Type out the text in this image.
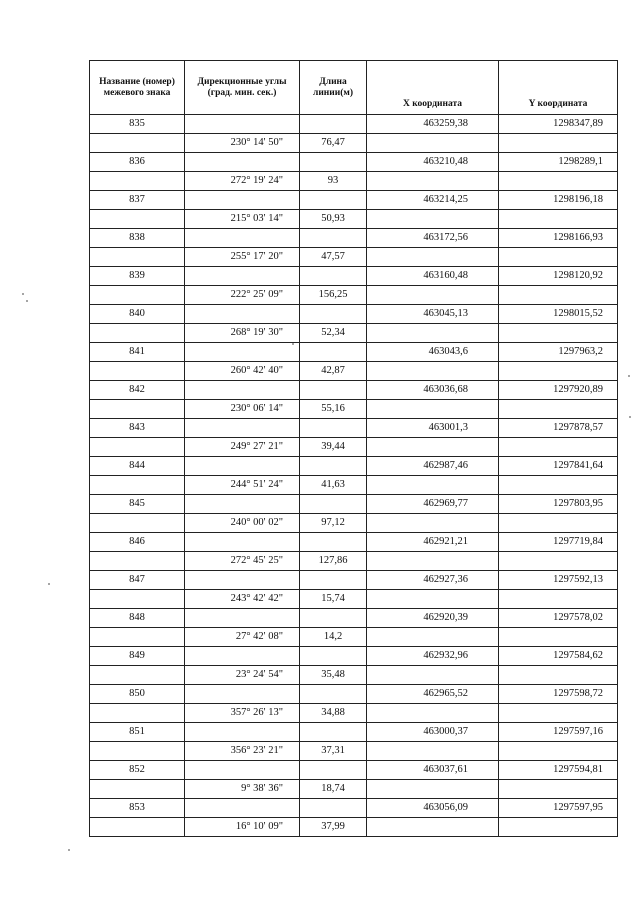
Название (номер) межевого знака	Дирекционные углы (град. мин. сек.)	Длина линии(м)	X координата	Y координата
835			463259,38	1298347,89
	230° 14' 50"	76,47		
836			463210,48	1298289,1
	272° 19' 24"	93		
837			463214,25	1298196,18
	215° 03' 14"	50,93		
838			463172,56	1298166,93
	255° 17' 20"	47,57		
839			463160,48	1298120,92
	222° 25' 09"	156,25		
840			463045,13	1298015,52
	268° 19' 30"	52,34		
841			463043,6	1297963,2
	260° 42' 40"	42,87		
842			463036,68	1297920,89
	230° 06' 14"	55,16		
843			463001,3	1297878,57
	249° 27' 21"	39,44		
844			462987,46	1297841,64
	244° 51' 24"	41,63		
845			462969,77	1297803,95
	240° 00' 02"	97,12		
846			462921,21	1297719,84
	272° 45' 25"	127,86		
847			462927,36	1297592,13
	243° 42' 42"	15,74		
848			462920,39	1297578,02
	27° 42' 08"	14,2		
849			462932,96	1297584,62
	23° 24' 54"	35,48		
850			462965,52	1297598,72
	357° 26' 13"	34,88		
851			463000,37	1297597,16
	356° 23' 21"	37,31		
852			463037,61	1297594,81
	9° 38' 36"	18,74		
853			463056,09	1297597,95
	16° 10' 09"	37,99		
